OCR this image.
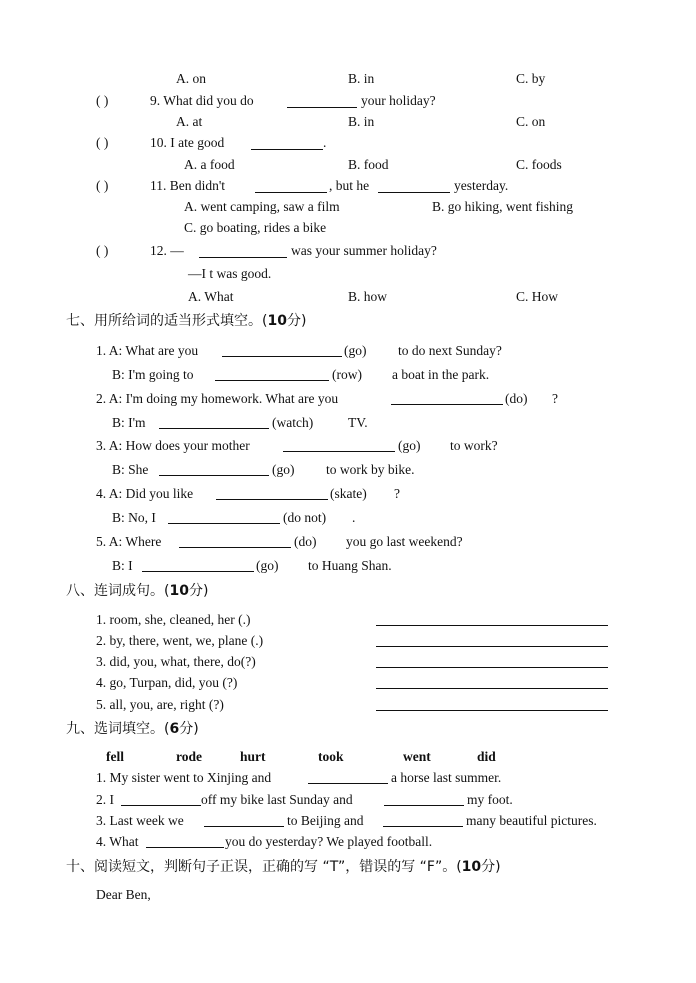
A. on	B. in	C. by
( )	9. What did you do	your holiday?
A. at	B. in	C. on
( )	10. I ate good	.
A. a food	B. food	C. foods
( )	11. Ben didn't	, but he	yesterday.
A. went camping, saw a film	B. go hiking, went fishing
C. go boating, rides a bike
( )	12. —	was your summer holiday?
—I t was good.
A. What	B. how	C. How
七、用所给词的适当形式填空。(10分)
1. A: What are you	(go) to do next Sunday?
B: I'm going to	(row) a boat in the park.
2. A: I'm doing my homework. What are you	(do) ?
B: I'm	(watch)	TV.
3. A: How does your mother	(go) to work?
B: She	(go) to work by bike.
4. A: Did you like	(skate) ?
B: No, I	(do not) .
5. A: Where	(do) you go last weekend?
B: I	(go) to Huang Shan.
八、连词成句。(10分)
1. room, she, cleaned, her (.)
2. by, there, went, we, plane (.)
3. did, you, what, there, do(?)
4. go, Turpan, did, you (?)
5. all, you, are, right (?)
九、选词填空。(6分)
fell	rode	hurt	took	went	did
1. My sister went to Xinjing and	a horse last summer.
2. I	off my bike last Sunday and	my foot.
3. Last week we	to Beijing and	many beautiful pictures.
4. What	you do yesterday? We played football.
十、阅读短文，判断句子正误，正确的写 “T”，错误的写 “F”。(10分)
Dear Ben,
